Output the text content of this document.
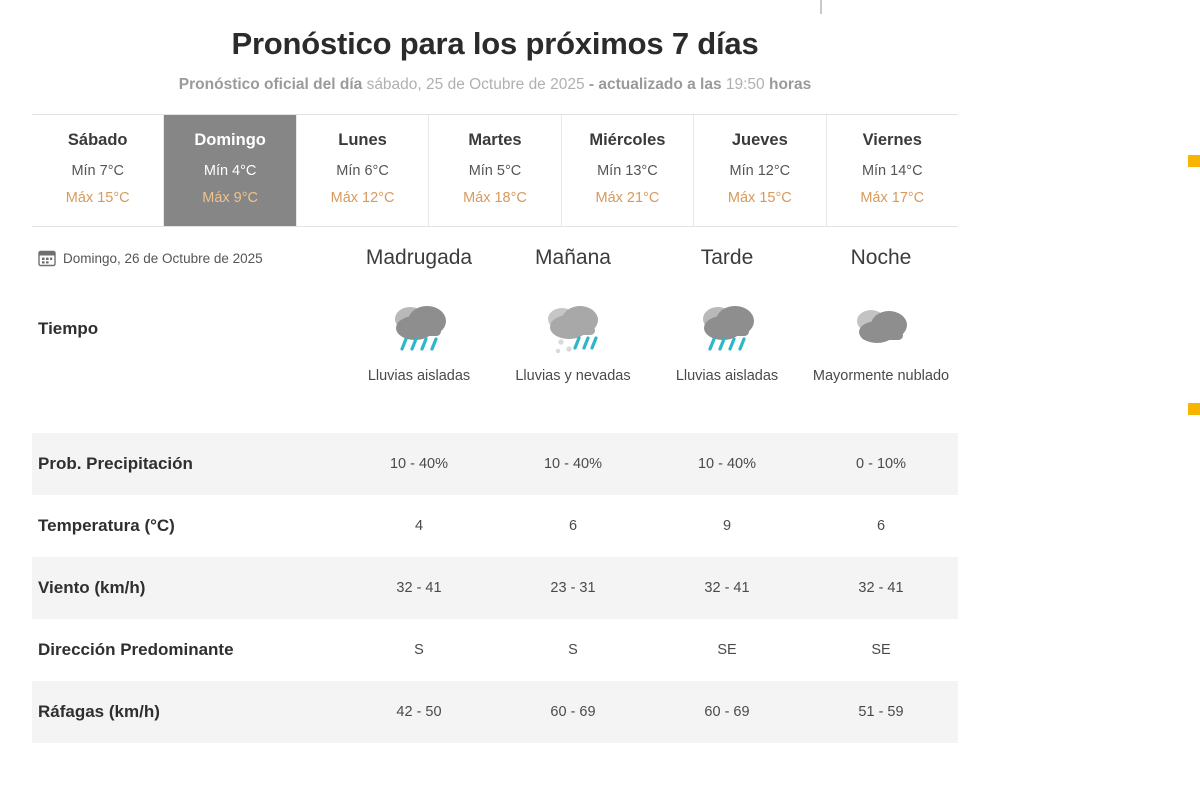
Pronóstico para los próximos 7 días
Pronóstico oficial del día sábado, 25 de Octubre de 2025 - actualizado a las 19:50 horas
Sábado
Mín 7°C
Máx 15°C
Domingo
Mín 4°C
Máx 9°C
Lunes
Mín 6°C
Máx 12°C
Martes
Mín 5°C
Máx 18°C
Miércoles
Mín 13°C
Máx 21°C
Jueves
Mín 12°C
Máx 15°C
Viernes
Mín 14°C
Máx 17°C
Domingo, 26 de Octubre de 2025	Madrugada	Mañana	Tarde	Noche
Tiempo
Lluvias aisladas	Lluvias y nevadas	Lluvias aisladas	Mayormente nublado
Prob. Precipitación	10 - 40%	10 - 40%	10 - 40%	0 - 10%
Temperatura (°C)	4	6	9	6
Viento (km/h)	32 - 41	23 - 31	32 - 41	32 - 41
Dirección Predominante	S	S	SE	SE
Ráfagas (km/h)	42 - 50	60 - 69	60 - 69	51 - 59
